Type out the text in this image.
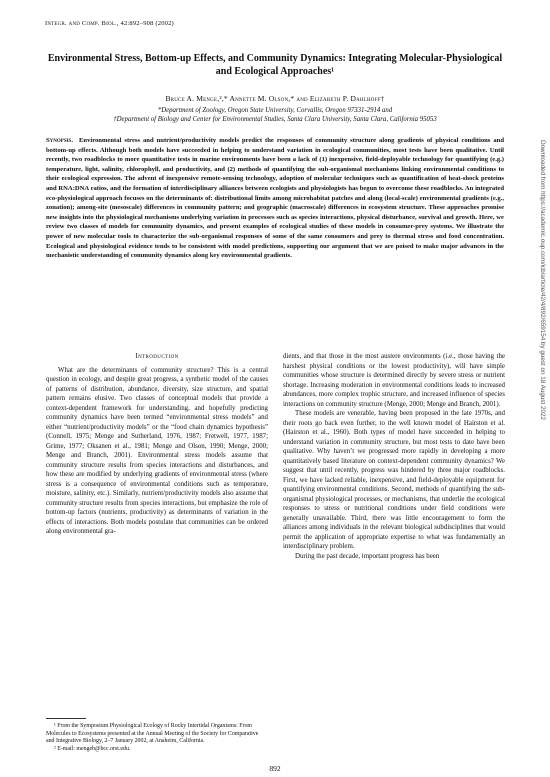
Integr. and Comp. Biol., 42:892–908 (2002)
Environmental Stress, Bottom-up Effects, and Community Dynamics: Integrating Molecular-Physiological and Ecological Approaches¹
Bruce A. Menge,²,* Annette M. Olson,* and Elizabeth P. Dahlhoff†
*Department of Zoology, Oregon State University, Corvallis, Oregon 97331-2914 and
†Department of Biology and Center for Environmental Studies, Santa Clara University, Santa Clara, California 95053
Synopsis. Environmental stress and nutrient/productivity models predict the responses of community structure along gradients of physical conditions and bottom-up effects. Although both models have succeeded in helping to understand variation in ecological communities, most tests have been qualitative. Until recently, two roadblocks to more quantitative tests in marine environments have been a lack of (1) inexpensive, field-deployable technology for quantifying (e.g.) temperature, light, salinity, chlorophyll, and productivity, and (2) methods of quantifying the sub-organismal mechanisms linking environmental conditions to their ecological expression. The advent of inexpensive remote-sensing technology, adoption of molecular techniques such as quantification of heat-shock proteins and RNA:DNA ratios, and the formation of interdisciplinary alliances between ecologists and physiologists has begun to overcome these roadblocks. An integrated eco-physiological approach focuses on the determinants of: distributional limits among microhabitat patches and along (local-scale) environmental gradients (e.g., zonation); among-site (mesoscale) differences in community pattern; and geographic (macroscale) differences in ecosystem structure. These approaches promise new insights into the physiological mechanisms underlying variation in processes such as species interactions, physical disturbance, survival and growth. Here, we review two classes of models for community dynamics, and present examples of ecological studies of these models in consumer-prey systems. We illustrate the power of new molecular tools to characterize the sub-organismal responses of some of the same consumers and prey to thermal stress and food concentration. Ecological and physiological evidence tends to be consistent with model predictions, supporting our argument that we are poised to make major advances in the mechanistic understanding of community dynamics along key environmental gradients.	Downloaded from https://academic.oup.com/icb/article/42/4/892/659154 by guest on 18 August 2022
Introduction

What are the determinants of community structure? This is a central question in ecology, and despite great progress, a synthetic model of the causes of patterns of distribution, abundance, diversity, size structure, and spatial pattern remains elusive. Two classes of conceptual models that provide a context-dependent framework for understanding, and hopefully predicting community dynamics have been termed “environmental stress models” and either “nutrient/productivity models” or the “food chain dynamics hypothesis” (Connell, 1975; Menge and Sutherland, 1976, 1987; Fretwell, 1977, 1987; Grime, 1977; Oksanen et al., 1981; Menge and Olson, 1990; Menge, 2000; Menge and Branch, 2001). Environmental stress models assume that community structure results from species interactions and disturbances, and how these are modified by underlying gradients of environmental stress (where stress is a consequence of environmental conditions such as temperature, moisture, salinity, etc.). Similarly, nutrient/productivity models also assume that community structure results from species interactions, but emphasize the role of bottom-up factors (nutrients, productivity) as determinants of variation in the effects of interactions. Both models postulate that communities can be ordered along environmental gra-

dients, and that those in the most austere environments (i.e., those having the harshest physical conditions or the lowest productivity), will have simple communities whose structure is determined directly by severe stress or nutrient shortage. Increasing moderation in environmental conditions leads to increased abundances, more complex trophic structure, and increased influence of species interactions on community structure (Menge, 2000; Menge and Branch, 2001).

These models are venerable, having been proposed in the late 1970s, and their roots go back even further, to the well known model of Hairston et al. (Hairston et al., 1960). Both types of model have succeeded in helping to understand variation in community structure, but most tests to date have been qualitative. Why haven’t we progressed more rapidly in developing a more quantitatively based literature on context-dependent community dynamics? We suggest that until recently, progress was hindered by three major roadblocks. First, we have lacked reliable, inexpensive, and field-deployable equipment for quantifying environmental conditions. Second, methods of quantifying the sub-organismal physiological processes, or mechanisms, that underlie the ecological responses to stress or nutritional conditions under field conditions were generally unavailable. Third, there was little encouragement to form the alliances among individuals in the relevant biological subdisciplines that would permit the application of appropriate expertise to what was fundamentally an interdisciplinary problem.

During the past decade, important progress has been

¹ From the Symposium Physiological Ecology of Rocky Intertidal Organisms: From Molecules to Ecosystems presented at the Annual Meeting of the Society for Comparative and Integrative Biology, 2–7 January 2002, at Anaheim, California.

² E-mail: mengeb@bcc.orst.edu.

892
